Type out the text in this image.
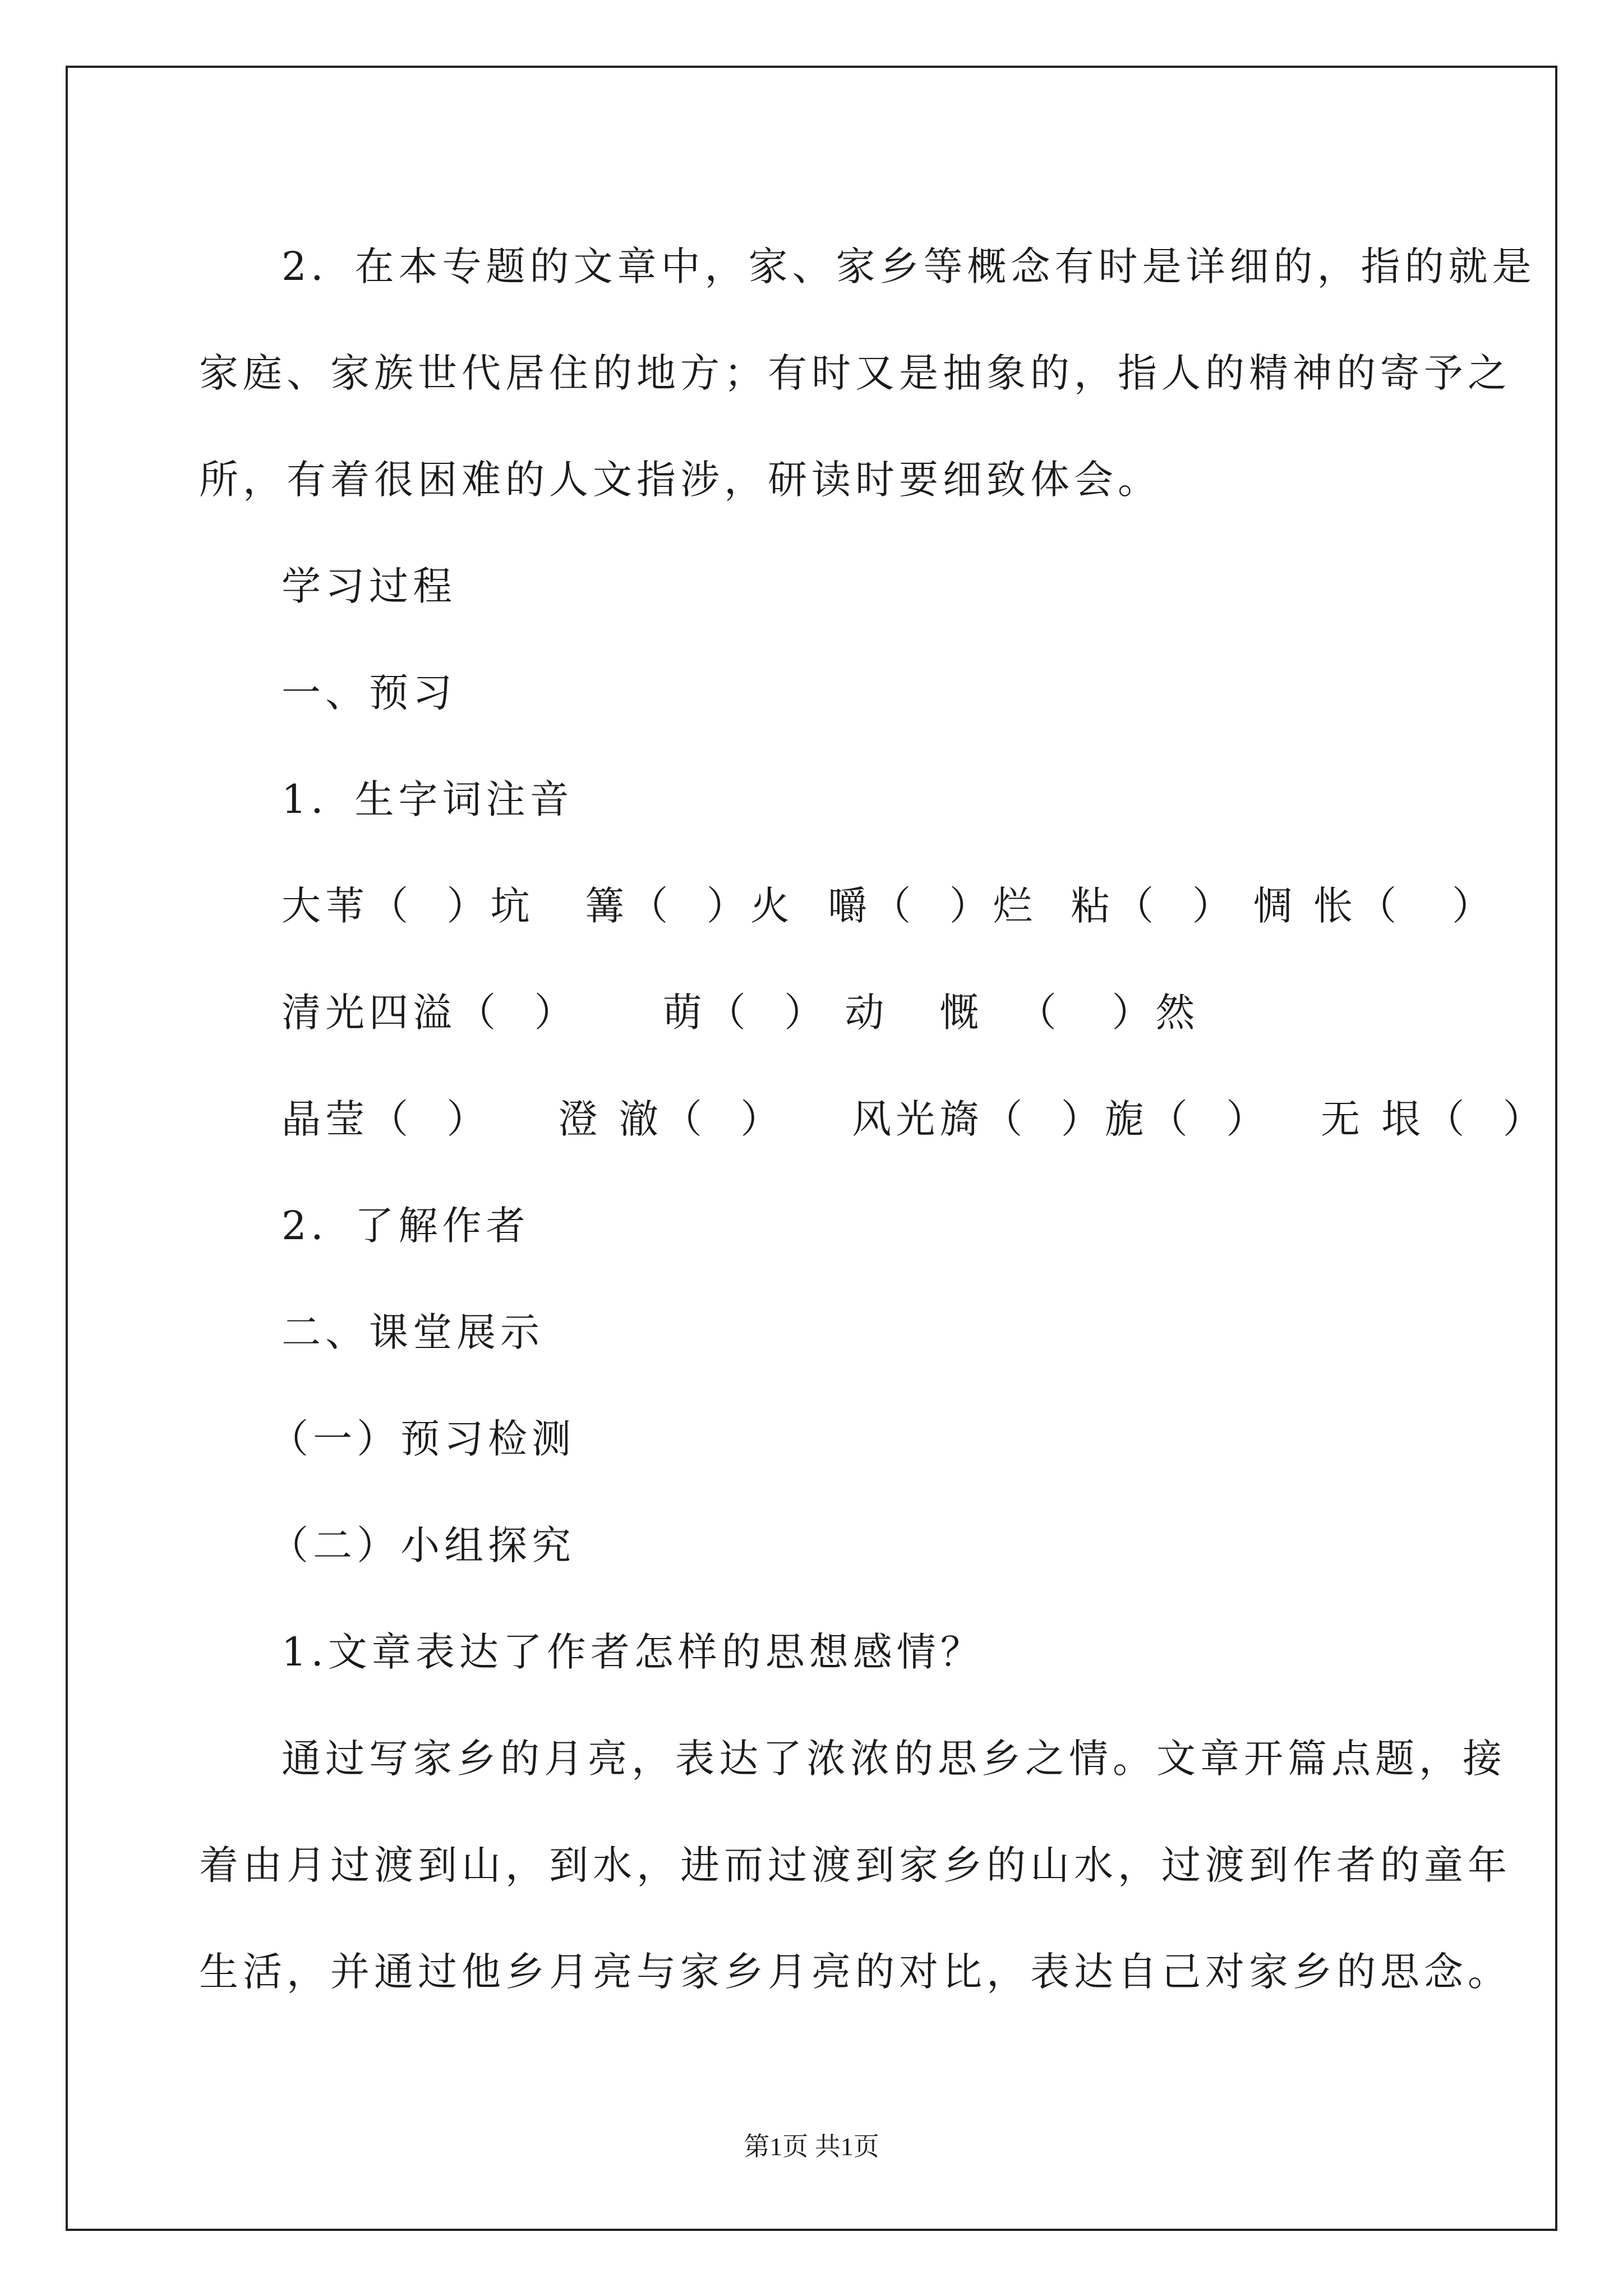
2．在本专题的文章中，家、家乡等概念有时是详细的，指的就是
家庭、家族世代居住的地方；有时又是抽象的，指人的精神的寄予之
所，有着很困难的人文指涉，研读时要细致体会。
学习过程
一、预习
1．生字词注音
大苇（  ）坑   篝（  ）火  嚼（  ）烂  粘（  ） 惆 怅（   ）
清光四溢（  ）     萌（  ） 动   慨  （   ）然
晶莹（  ）    澄 澈（  ）    风光旖（  ）旎（  ）   无 垠（  ）
2．了解作者
二、课堂展示
（一）预习检测
（二）小组探究
1.文章表达了作者怎样的思想感情？
通过写家乡的月亮，表达了浓浓的思乡之情。文章开篇点题，接
着由月过渡到山，到水，进而过渡到家乡的山水，过渡到作者的童年
生活，并通过他乡月亮与家乡月亮的对比，表达自己对家乡的思念。
第1页 共1页
